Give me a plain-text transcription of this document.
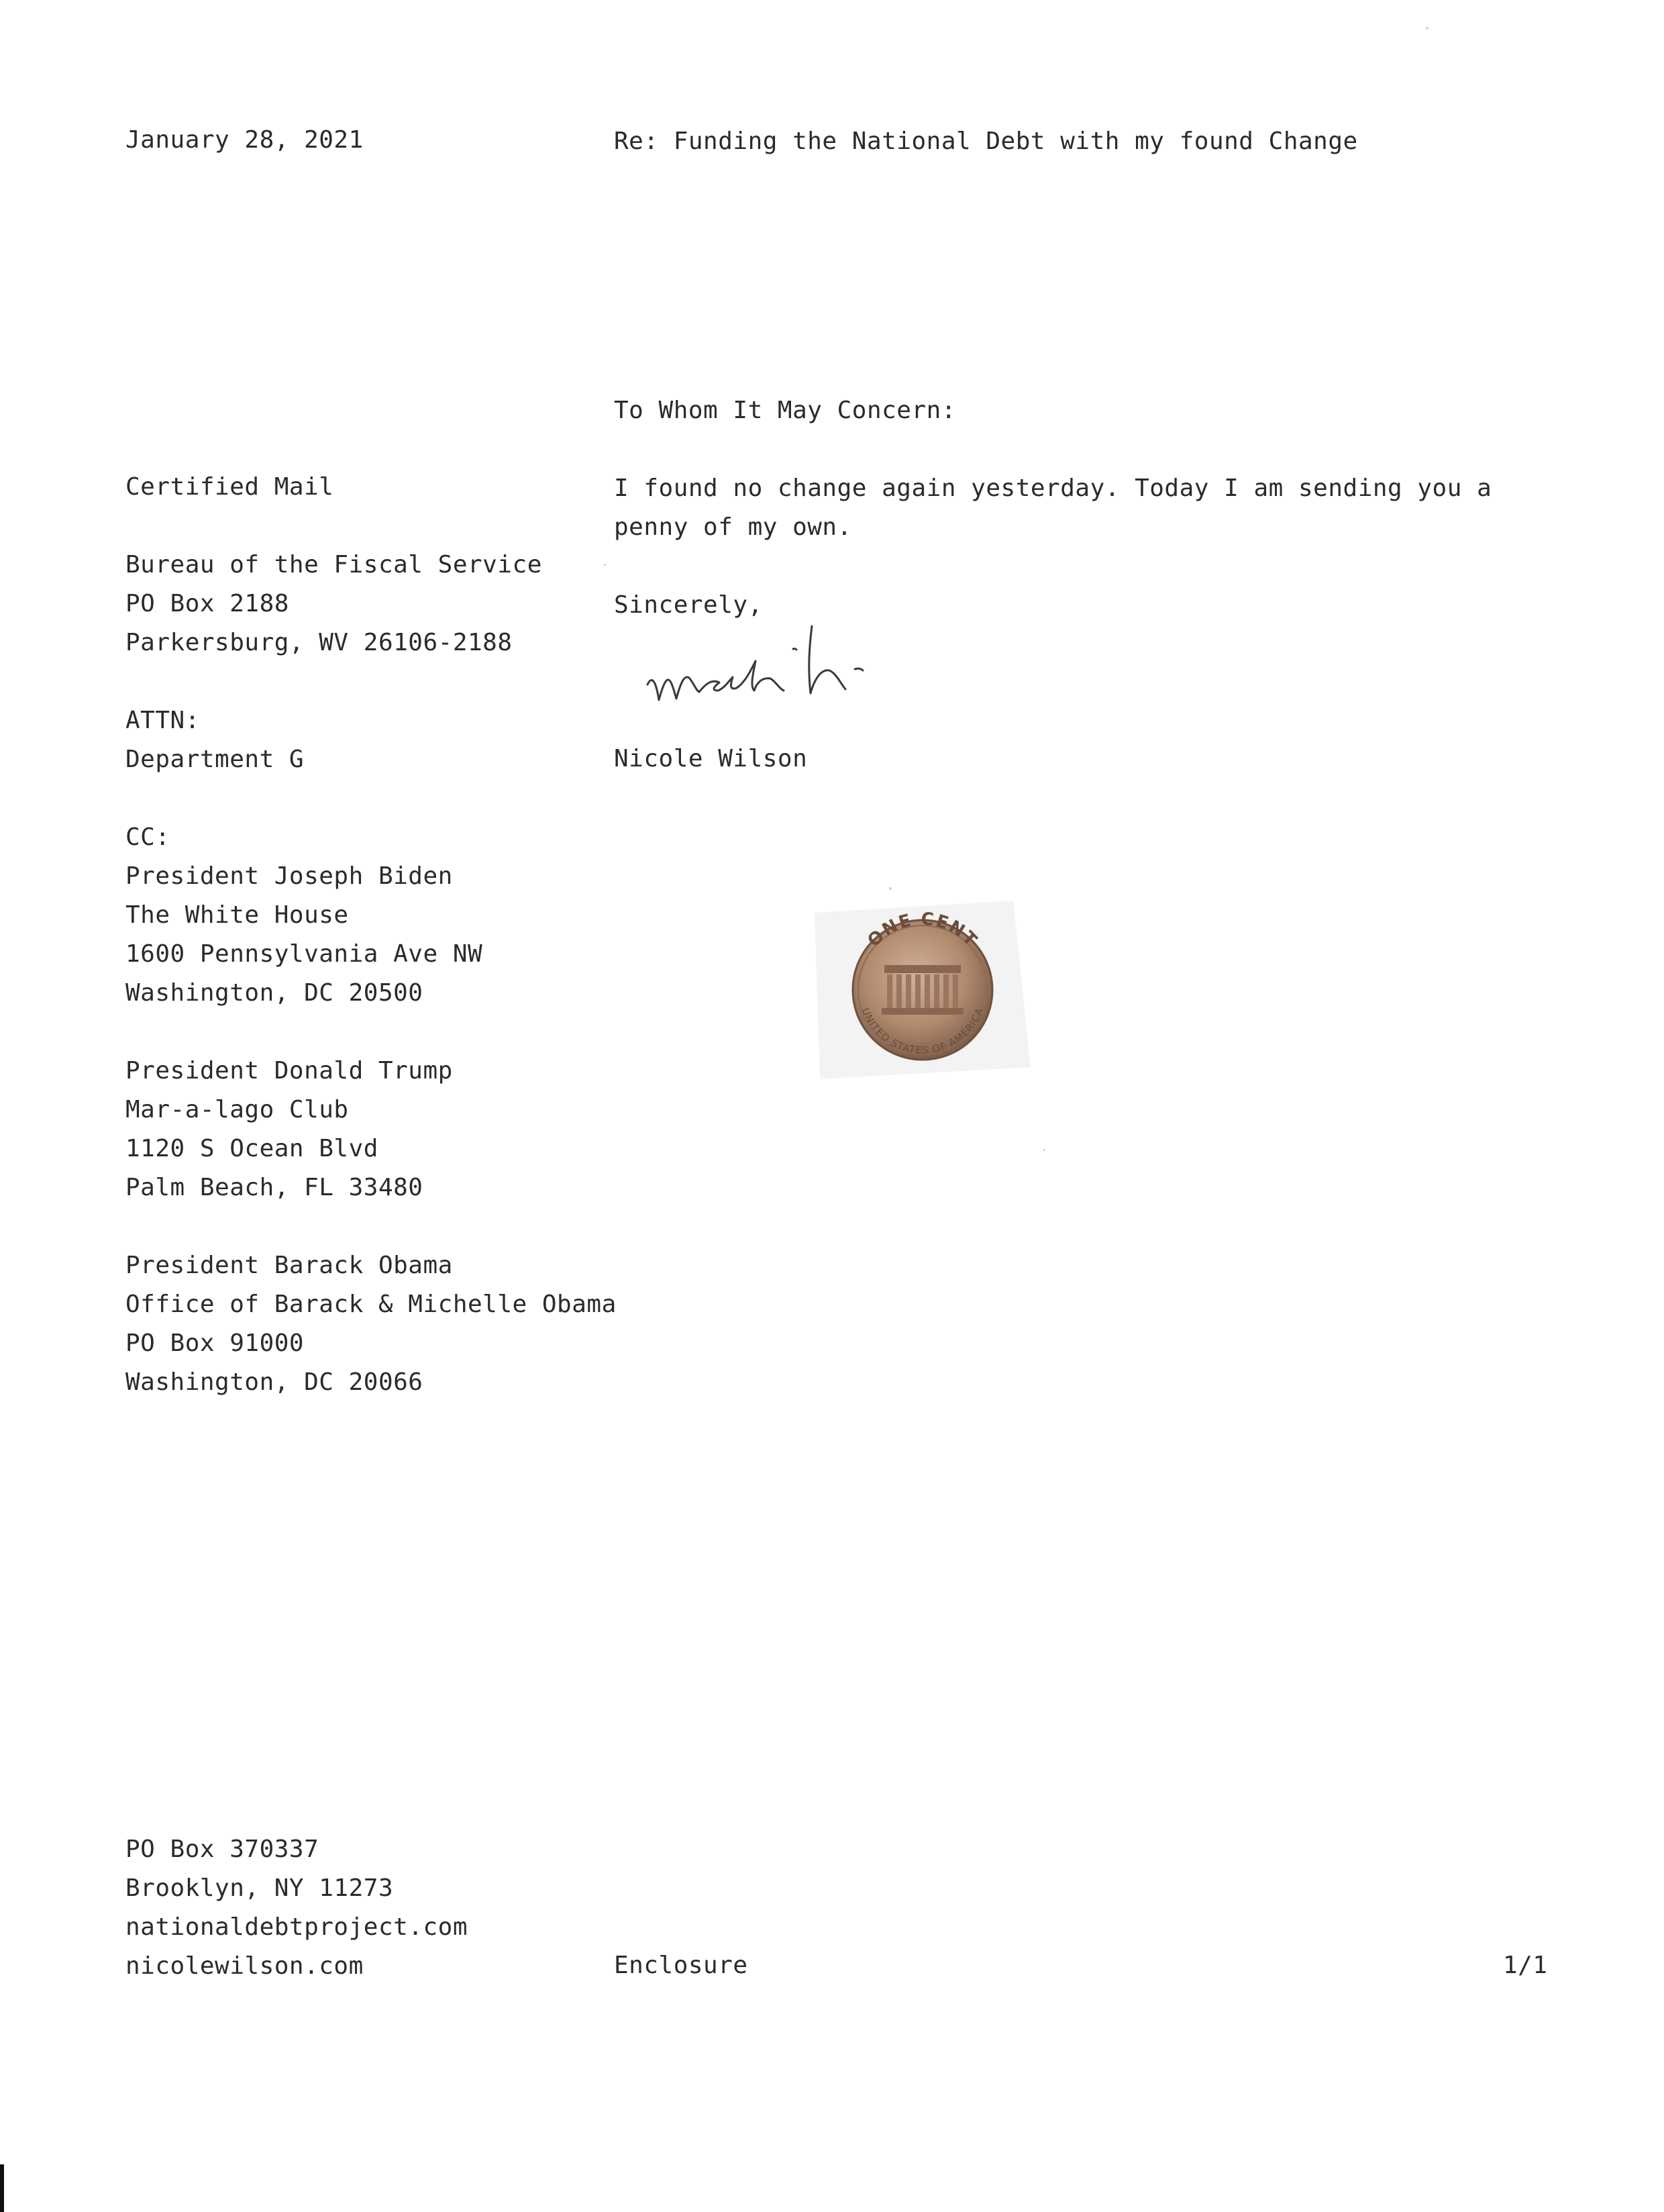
January 28, 2021	Re: Funding the National Debt with my found Change
To Whom It May Concern:
Certified Mail
Bureau of the Fiscal Service
PO Box 2188
Parkersburg, WV 26106-2188
ATTN:
Department G
CC:
President Joseph Biden
The White House
1600 Pennsylvania Ave NW
Washington, DC 20500
President Donald Trump
Mar-a-lago Club
1120 S Ocean Blvd
Palm Beach, FL 33480
President Barack Obama
Office of Barack & Michelle Obama
PO Box 91000
Washington, DC 20066
I found no change again yesterday. Today I am sending you a penny of my own.
Sincerely,
Nicole Wilson
ONE CENT
UNITED STATES OF AMERICA
PO Box 370337
Brooklyn, NY 11273
nationaldebtproject.com
nicolewilson.com	Enclosure	1/1
